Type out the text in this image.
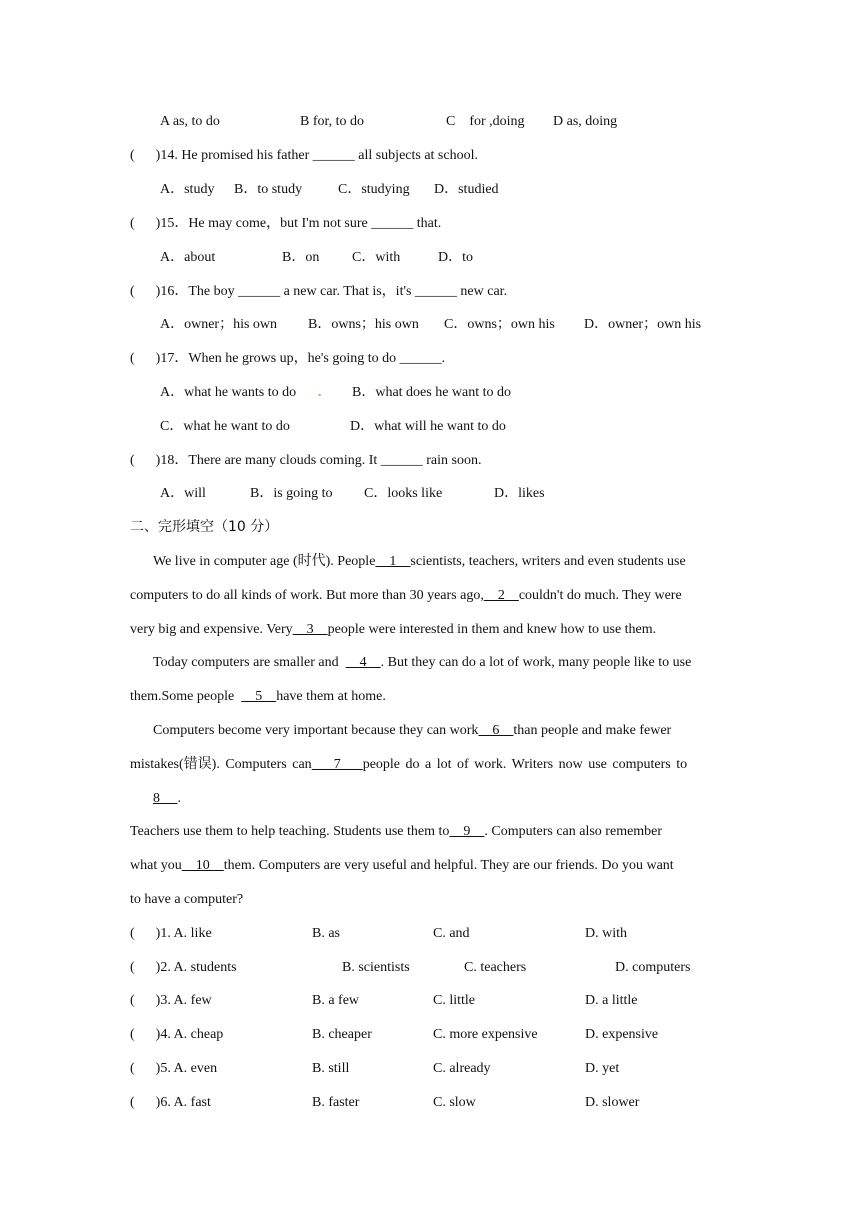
A as, to do	B for, to do	C    for ,doing D as, doing
(      )14. He promised his father ______ all subjects at school.
A．study B．to study	C．studying D．studied
(      )15．He may come，but I'm not sure ______ that.
A．about	B．on C．with	D．to
(      )16．The boy ______ a new car. That is，it's ______ new car.
A．owner；his own B．owns；his own C．owns；own his D．owner；own his
(      )17．When he grows up，he's going to do ______.
A．what he wants to do . B．what does he want to do
C．what he want to do	D．what will he want to do
(      )18．There are many clouds coming. It ______ rain soon.
A．will	B．is going to C．looks like	D．likes
二、完形填空（10 分）
We live in computer age (时代). People    1    scientists, teachers, writers and even students use
computers to do all kinds of work. But more than 30 years ago,    2    couldn't do much. They were
very big and expensive. Very    3    people were interested in them and knew how to use them.
Today computers are smaller and      4    . But they can do a lot of work, many people like to use
them.Some people      5    have them at home.
Computers become very important because they can work    6    than people and make fewer
mistakes(错误). Computers can    7    people do a lot of work. Writers now use computers to
8     .
Teachers use them to help teaching. Students use them to    9    . Computers can also remember
what you    10    them. Computers are very useful and helpful. They are our friends. Do you want
to have a computer?
(      )1. A. like	B. as	C. and	D. with
(      )2. A. students	B. scientists	C. teachers	D. computers
(      )3. A. few	B. a few	C. little	D. a little
(      )4. A. cheap	B. cheaper	C. more expensive	D. expensive
(      )5. A. even	B. still	C. already	D. yet
(      )6. A. fast	B. faster	C. slow	D. slower
